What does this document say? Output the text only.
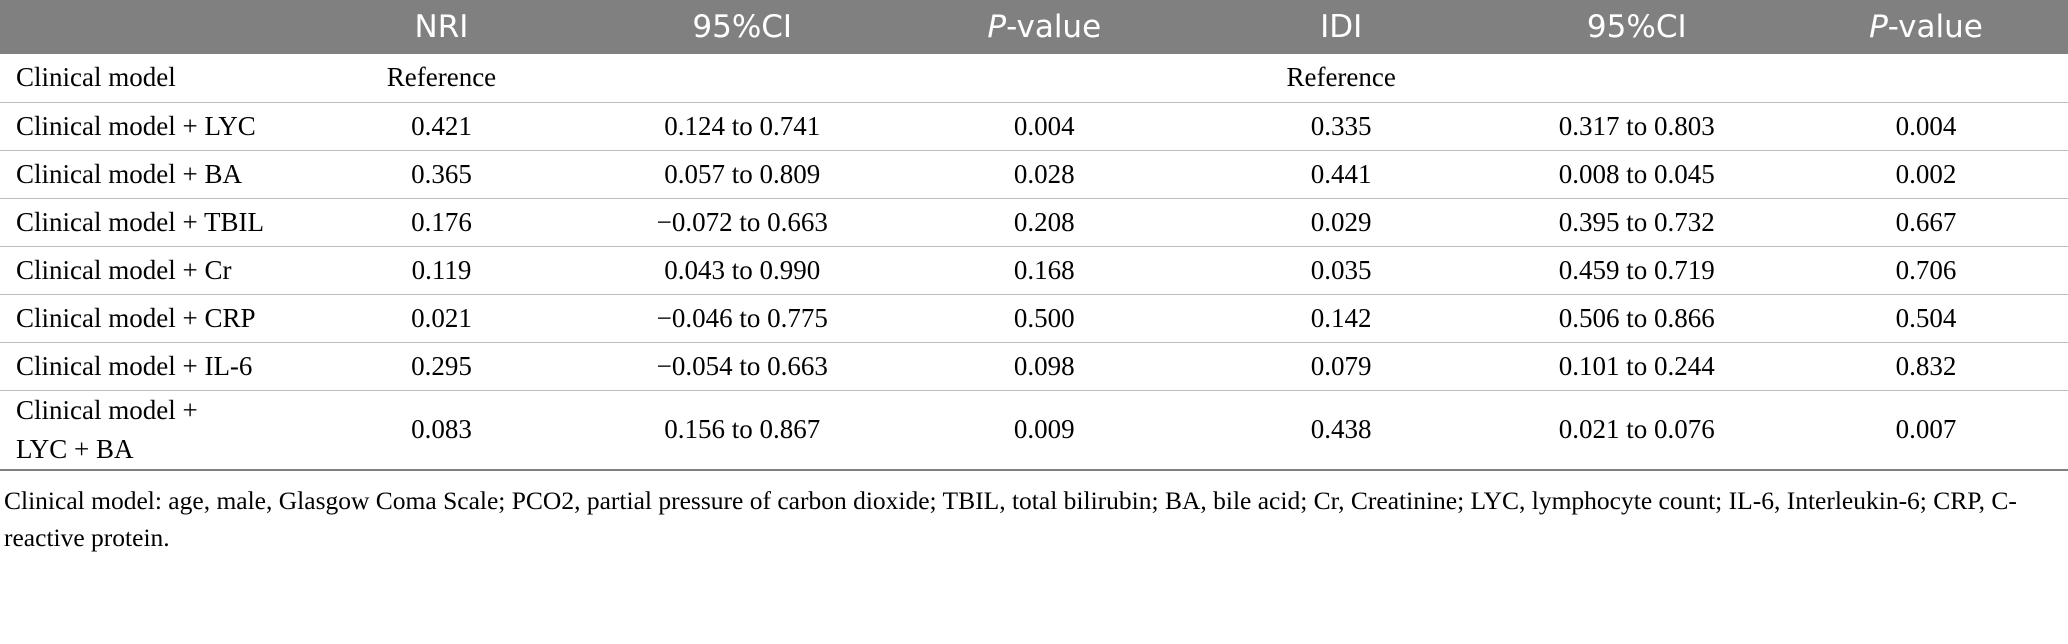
	NRI	95%CI	P-value	IDI	95%CI	P-value
Clinical model	Reference			Reference		
Clinical model + LYC	0.421	0.124 to 0.741	0.004	0.335	0.317 to 0.803	0.004
Clinical model + BA	0.365	0.057 to 0.809	0.028	0.441	0.008 to 0.045	0.002
Clinical model + TBIL	0.176	−0.072 to 0.663	0.208	0.029	0.395 to 0.732	0.667
Clinical model + Cr	0.119	0.043 to 0.990	0.168	0.035	0.459 to 0.719	0.706
Clinical model + CRP	0.021	−0.046 to 0.775	0.500	0.142	0.506 to 0.866	0.504
Clinical model + IL-6	0.295	−0.054 to 0.663	0.098	0.079	0.101 to 0.244	0.832
Clinical model +
LYC + BA	0.083	0.156 to 0.867	0.009	0.438	0.021 to 0.076	0.007
Clinical model: age, male, Glasgow Coma Scale; PCO2, partial pressure of carbon dioxide; TBIL, total bilirubin; BA, bile acid; Cr, Creatinine; LYC, lymphocyte count; IL-6, Interleukin-6; CRP, C-reactive protein.
